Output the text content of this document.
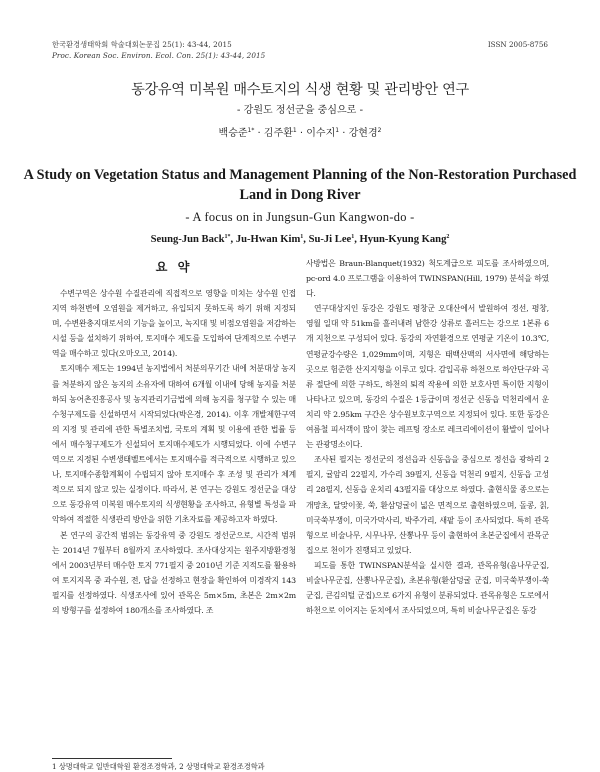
한국환경생태학회 학술대회논문집 25(1): 43-44, 2015
Proc. Korean Soc. Environ. Ecol. Con. 25(1): 43-44, 2015
ISSN 2005-8756
동강유역 미복원 매수토지의 식생 현황 및 관리방안 연구
- 강원도 정선군을 중심으로 -
백승준$^{1*}$ · 김주환$^1$ · 이수지$^1$ · 강현경$^2$
A Study on Vegetation Status and Management Planning of the Non-Restoration Purchased
Land in Dong River
- A focus on in Jungsun-Gun Kangwon-do -
Seung-Jun Back$^{1*}$, Ju-Hwan Kim$^1$, Su-Ji Lee$^1$, Hyun-Kyung Kang$^2$
요 약

수변구역은 상수원 수질관리에 직접적으로 영향을 미치는 상수원 인접지역 하천변에 오염원을 제거하고, 유입되지 못하도록 하기 위해 지정되며, 수변완충지대로서의 기능을 높이고, 녹지대 및 비점오염원을 저감하는 시설 등을 설치하기 위하여, 토지매수 제도를 도입하여 단계적으로 수변구역을 매수하고 있다(오마오고, 2014).

토지매수 제도는 1994년 농지법에서 처분의무기간 내에 처분대상 농지를 처분하지 않은 농지의 소유자에 대하여 6개월 이내에 당해 농지를 처분하되 농어촌진흥공사 및 농지관리기금법에 의해 농지를 청구할 수 있는 매수청구제도를 신설하면서 시작되었다(박은경, 2014). 이후 개발제한구역의 지정 및 관리에 관한 특별조치법, 국토의 계획 및 이용에 관한 법률 등에서 매수청구제도가 신설되어 토지매수제도가 시행되었다. 이에 수변구역으로 지정된 수변생태벨트에서는 토지매수를 적극적으로 시행하고 있으나, 토지매수종합계획이 수립되지 않아 토지매수 후 조성 및 관리가 체계적으로 되지 않고 있는 실정이다. 따라서, 본 연구는 강원도 정선군을 대상으로 동강유역 미복원 매수토지의 식생현황을 조사하고, 유형별 특성을 파악하여 적절한 식생관리 방안을 위한 기초자료를 제공하고자 하였다.

본 연구의 공간적 범위는 동강유역 중 강원도 정선군으로, 시간적 범위는 2014년 7월부터 8월까지 조사하였다. 조사대상지는 원주지방환경청에서 2003년부터 매수한 토지 771필지 중 2010년 기준 지적도를 활용하여 토지지목 중 과수원, 전, 답을 선정하고 현장을 확인하여 미경작지 143필지를 선정하였다. 식생조사에 있어 관목은 5m×5m, 초본은 2m×2m의 방형구를 설정하여 180개소를 조사하였다. 조

사방법은 Braun-Blanquet(1932) 척도계급으로 피도를 조사하였으며, pc-ord 4.0 프로그램을 이용하여 TWINSPAN(Hill, 1979) 분석을 하였다.

연구대상지인 동강은 강원도 평창군 오대산에서 발원하여 정선, 평창, 영월 일대 약 51km를 흘러내려 남한강 상류로 흘러드는 강으로 1본류 6개 지천으로 구성되어 있다. 동강의 자연환경으로 연평균 기온이 10.3℃, 연평균강수량은 1,029mm이며, 지형은 태백산맥의 서사면에 해당하는 곳으로 험준한 산지지형을 이루고 있다. 감입곡류 하천으로 하안단구와 곡류 절단에 의한 구하도, 하천의 퇴적 작용에 의한 보호사면 특이한 지형이 나타나고 있으며, 동강의 수질은 1등급이며 정선군 신동읍 덕천리에서 운치리 약 2.95km 구간은 상수원보호구역으로 지정되어 있다. 또한 동강은 여름철 피서객이 많이 찾는 레프팅 장소로 레크리에이션이 활발이 일어나는 관광명소이다.

조사된 필지는 정선군의 정선읍과 신동읍을 중심으로 정선읍 광하리 2필지, 귤암리 22필지, 가수리 39필지, 신동읍 덕천리 9필지, 신동읍 고성리 28필지, 신동읍 운치리 43필지를 대상으로 하였다. 출현식물 종으로는 개망초, 달맞이꽃, 쑥, 환삼덩굴이 넓은 면적으로 출현하였으며, 돌콩, 칡, 미국쑥부쟁이, 미국가막사리, 박주가리, 새팥 등이 조사되었다. 특히 관목형으로 비술나무, 시무나무, 산뽕나무 등이 출현하여 초본군집에서 관목군집으로 천이가 진행되고 있었다.

피도를 통한 TWINSPAN분석을 실시한 결과, 관목유형(음나무군집, 비술나무군집, 산뽕나무군집), 초본유형(환삼덩굴 군집, 미국쑥부쟁이-쑥 군집, 큰김의털 군집)으로 6가지 유형이 분류되었다. 관목유형은 도로에서 하천으로 이어지는 둔치에서 조사되었으며, 특히 비술나무군집은 동강

1 상명대학교 일반대학원 환경조경학과, 2 상명대학교 환경조경학과
